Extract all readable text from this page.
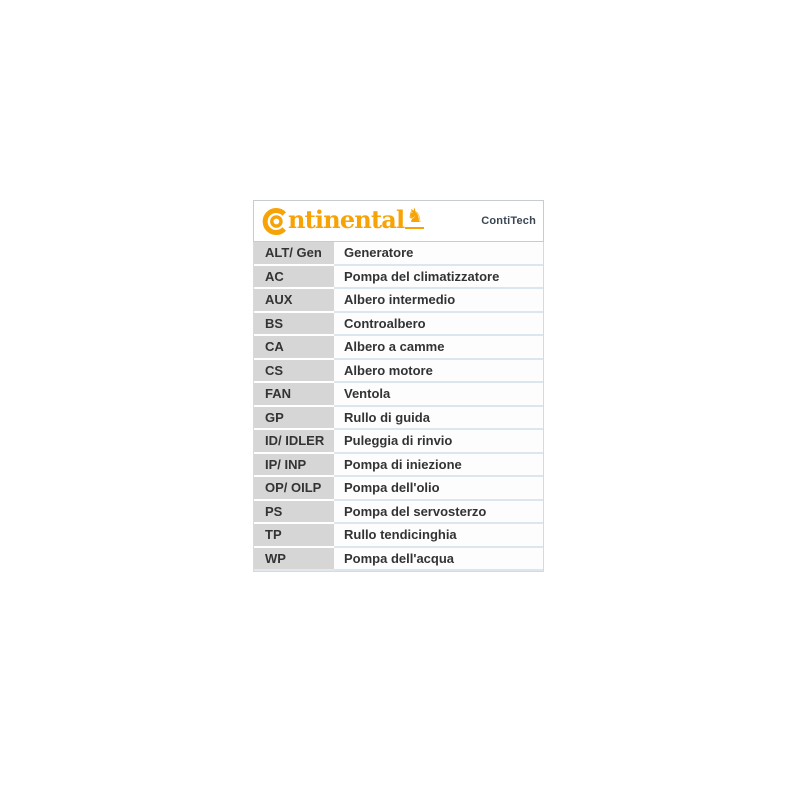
ntinental ♞	ContiTech
ALT/ Gen	Generatore
AC	Pompa del climatizzatore
AUX	Albero intermedio
BS	Controalbero
CA	Albero a camme
CS	Albero motore
FAN	Ventola
GP	Rullo di guida
ID/ IDLER	Puleggia di rinvio
IP/ INP	Pompa di iniezione
OP/ OILP	Pompa dell'olio
PS	Pompa del servosterzo
TP	Rullo tendicinghia
WP	Pompa dell'acqua
